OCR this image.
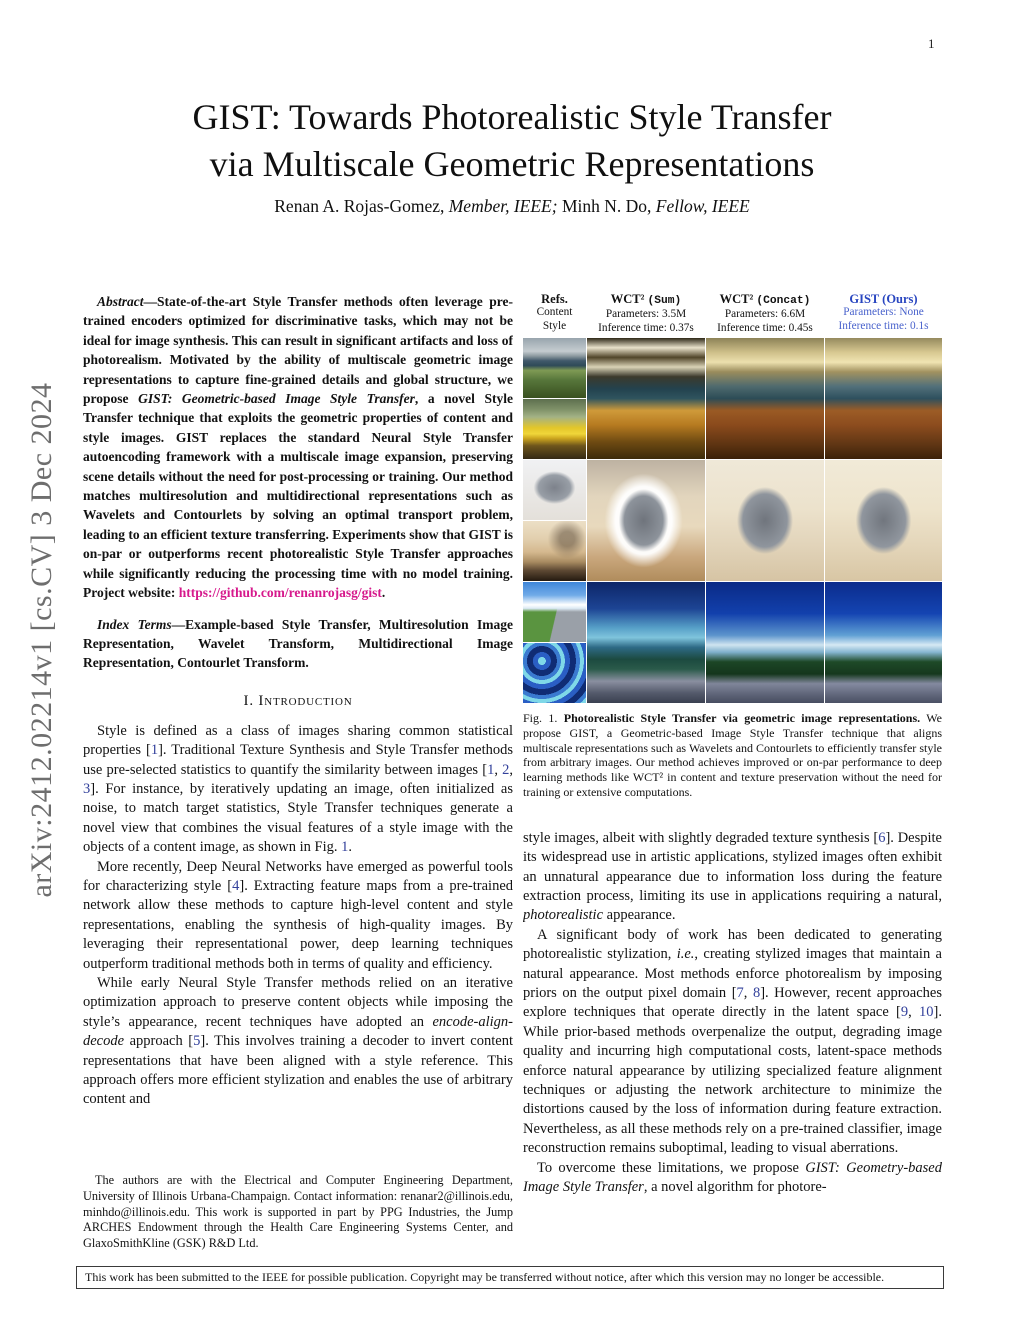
1
arXiv:2412.02214v1 [cs.CV] 3 Dec 2024
GIST: Towards Photorealistic Style Transfer
via Multiscale Geometric Representations
Renan A. Rojas-Gomez, Member, IEEE; Minh N. Do, Fellow, IEEE

Abstract—State-of-the-art Style Transfer methods often leverage pre-trained encoders optimized for discriminative tasks, which may not be ideal for image synthesis. This can result in significant artifacts and loss of photorealism. Motivated by the ability of multiscale geometric image representations to capture fine-grained details and global structure, we propose GIST: Geometric-based Image Style Transfer, a novel Style Transfer technique that exploits the geometric properties of content and style images. GIST replaces the standard Neural Style Transfer autoencoding framework with a multiscale image expansion, preserving scene details without the need for post-processing or training. Our method matches multiresolution and multidirectional representations such as Wavelets and Contourlets by solving an optimal transport problem, leading to an efficient texture transferring. Experiments show that GIST is on-par or outperforms recent photorealistic Style Transfer approaches while significantly reducing the processing time with no model training. Project website: https://github.com/renanrojasg/gist.

Index Terms—Example-based Style Transfer, Multiresolution Image Representation, Wavelet Transform, Multidirectional Image Representation, Contourlet Transform.

I. Introduction

Style is defined as a class of images sharing common statistical properties [1]. Traditional Texture Synthesis and Style Transfer methods use pre-selected statistics to quantify the similarity between images [1, 2, 3]. For instance, by iteratively updating an image, often initialized as noise, to match target statistics, Style Transfer techniques generate a novel view that combines the visual features of a style image with the objects of a content image, as shown in Fig. 1.

More recently, Deep Neural Networks have emerged as powerful tools for characterizing style [4]. Extracting feature maps from a pre-trained network allow these methods to capture high-level content and style representations, enabling the synthesis of high-quality images. By leveraging their representational power, deep learning techniques outperform traditional methods both in terms of quality and efficiency.

While early Neural Style Transfer methods relied on an iterative optimization approach to preserve content objects while imposing the style’s appearance, recent techniques have adopted an encode-align-decode approach [5]. This involves training a decoder to invert content representations that have been aligned with a style reference. This approach offers more efficient stylization and enables the use of arbitrary content and

Refs.
Content
Style
WCT² (Sum)
Parameters: 3.5M
Inference time: 0.37s
WCT² (Concat)
Parameters: 6.6M
Inference time: 0.45s
GIST (Ours)
Parameters: None
Inference time: 0.1s

Fig. 1. Photorealistic Style Transfer via geometric image representations. We propose GIST, a Geometric-based Image Style Transfer technique that aligns multiscale representations such as Wavelets and Contourlets to efficiently transfer style from arbitrary images. Our method achieves improved or on-par performance to deep learning methods like WCT² in content and texture preservation without the need for training or extensive computations.

style images, albeit with slightly degraded texture synthesis [6]. Despite its widespread use in artistic applications, stylized images often exhibit an unnatural appearance due to information loss during the feature extraction process, limiting its use in applications requiring a natural, photorealistic appearance.

A significant body of work has been dedicated to generating photorealistic stylization, i.e., creating stylized images that maintain a natural appearance. Most methods enforce photorealism by imposing priors on the output pixel domain [7, 8]. However, recent approaches explore techniques that operate directly in the latent space [9, 10]. While prior-based methods overpenalize the output, degrading image quality and incurring high computational costs, latent-space methods enforce natural appearance by utilizing specialized feature alignment techniques or adjusting the network architecture to minimize the distortions caused by the loss of information during feature extraction. Nevertheless, as all these methods rely on a pre-trained classifier, image reconstruction remains suboptimal, leading to visual aberrations.

To overcome these limitations, we propose GIST: Geometry-based Image Style Transfer, a novel algorithm for photore-

The authors are with the Electrical and Computer Engineering Department, University of Illinois Urbana-Champaign. Contact information: renanar2@illinois.edu, minhdo@illinois.edu. This work is supported in part by PPG Industries, the Jump ARCHES Endowment through the Health Care Engineering Systems Center, and GlaxoSmithKline (GSK) R&D Ltd.

This work has been submitted to the IEEE for possible publication. Copyright may be transferred without notice, after which this version may no longer be accessible.
